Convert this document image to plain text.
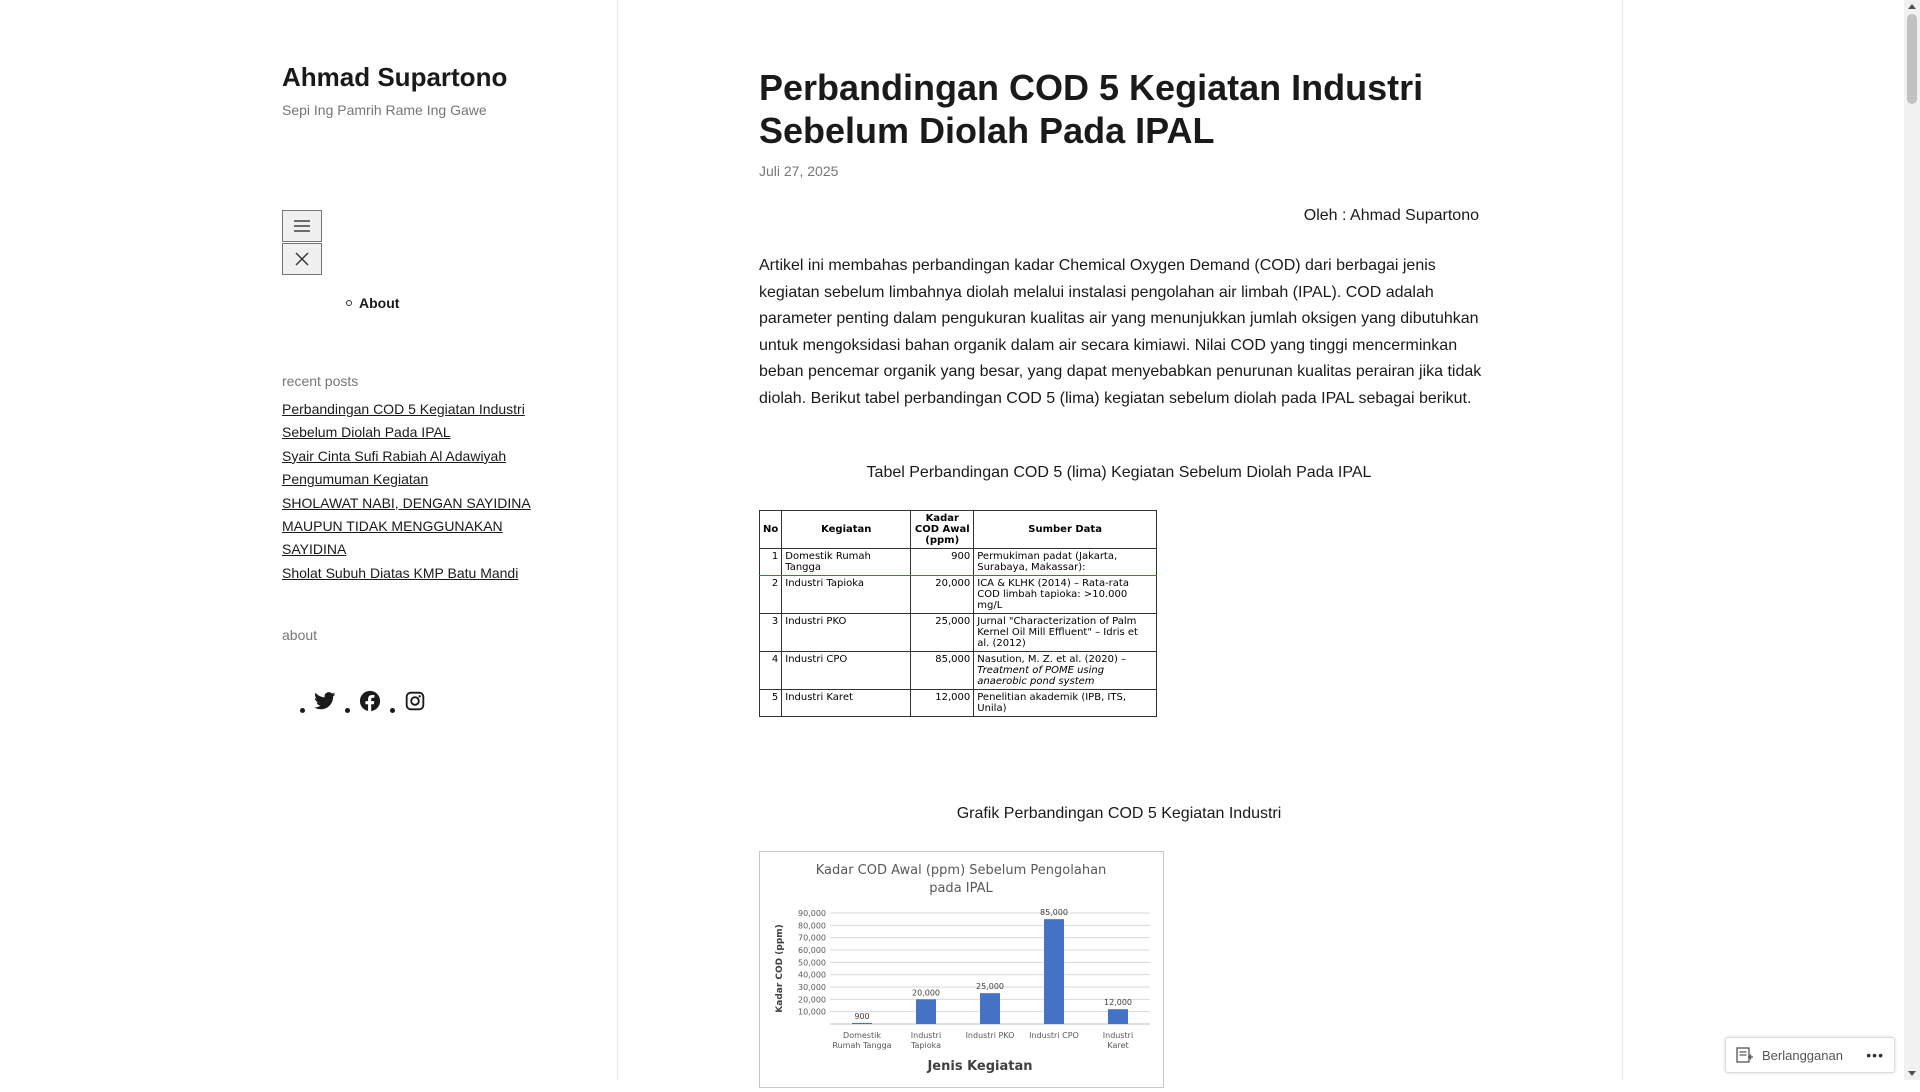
Ahmad Supartono
Sepi Ing Pamrih Rame Ing Gawe
About
recent posts
Perbandingan COD 5 Kegiatan Industri Sebelum Diolah Pada IPAL
Syair Cinta Sufi Rabiah Al Adawiyah
Pengumuman Kegiatan
SHOLAWAT NABI, DENGAN SAYIDINA MAUPUN TIDAK MENGGUNAKAN SAYIDINA
Sholat Subuh Diatas KMP Batu Mandi
about
Perbandingan COD 5 Kegiatan Industri Sebelum Diolah Pada IPAL
Juli 27, 2025
Oleh : Ahmad Supartono

Artikel ini membahas perbandingan kadar Chemical Oxygen Demand (COD) dari berbagai jenis kegiatan sebelum limbahnya diolah melalui instalasi pengolahan air limbah (IPAL). COD adalah parameter penting dalam pengukuran kualitas air yang menunjukkan jumlah oksigen yang dibutuhkan untuk mengoksidasi bahan organik dalam air secara kimiawi. Nilai COD yang tinggi mencerminkan beban pencemar organik yang besar, yang dapat menyebabkan penurunan kualitas perairan jika tidak diolah. Berikut tabel perbandingan COD 5 (lima) kegiatan sebelum diolah pada IPAL sebagai berikut.

Tabel Perbandingan COD 5 (lima) Kegiatan Sebelum Diolah Pada IPAL
No	Kegiatan	Kadar COD Awal (ppm)	Sumber Data
1	Domestik Rumah Tangga	900	Permukiman padat (Jakarta, Surabaya, Makassar):
2	Industri Tapioka	20,000	ICA & KLHK (2014) – Rata-rata COD limbah tapioka: >10.000 mg/L
3	Industri PKO	25,000	Jurnal "Characterization of Palm Kernel Oil Mill Effluent" – Idris et al. (2012)
4	Industri CPO	85,000	Nasution, M. Z. et al. (2020) – Treatment of POME using anaerobic pond system
5	Industri Karet	12,000	Penelitian akademik (IPB, ITS, Unila)
Grafik Perbandingan COD 5 Kegiatan Industri
Kadar COD Awal (ppm) Sebelum Pengolahan
pada IPAL
10,000
20,000
30,000
40,000
50,000
60,000
70,000
80,000
90,000
Kadar COD (ppm)
900
Domestik
Rumah Tangga
20,000
Industri
Tapioka
25,000
Industri PKO
85,000
Industri CPO
12,000
Industri
Karet
Jenis Kegiatan
Berlangganan •••
